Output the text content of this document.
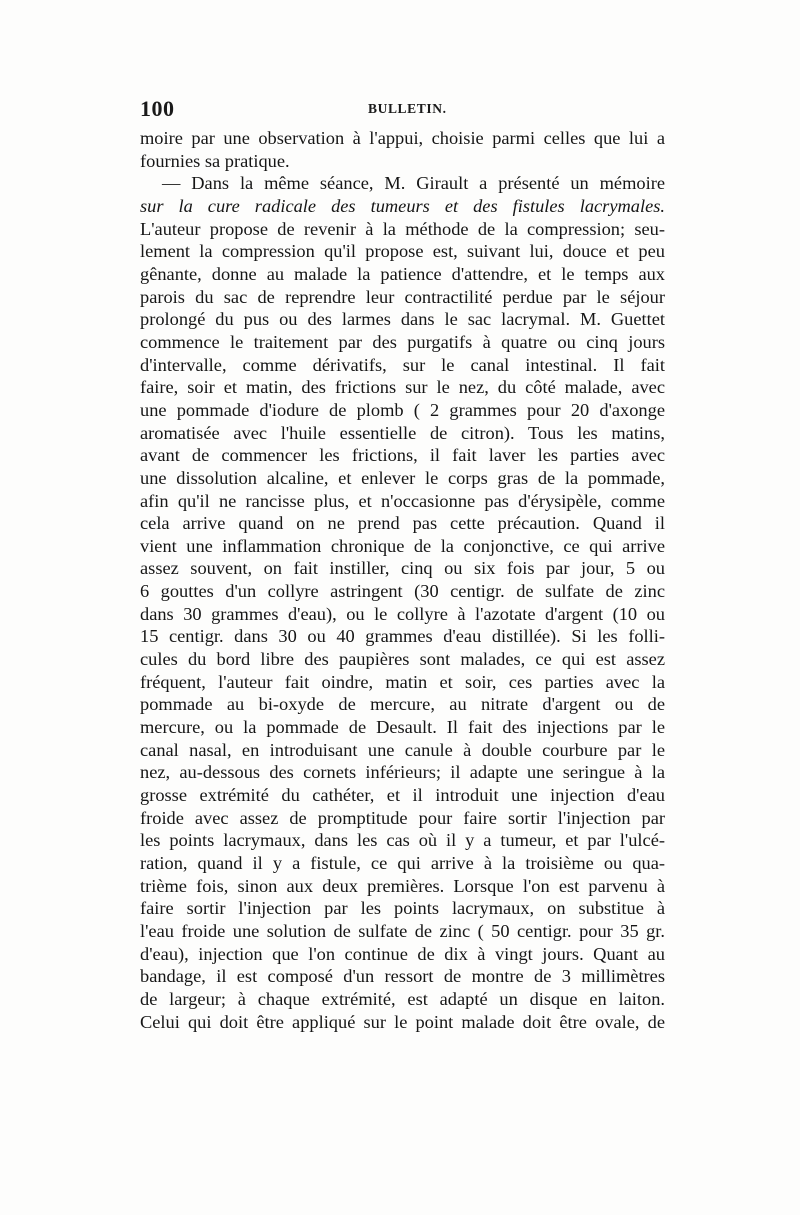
100	BULLETIN.
moire par une observation à l'appui, choisie parmi celles que lui a
fournies sa pratique.
— Dans la même séance, M. Girault a présenté un mémoire
sur la cure radicale des tumeurs et des fistules lacrymales.
L'auteur propose de revenir à la méthode de la compression; seu-
lement la compression qu'il propose est, suivant lui, douce et peu
gênante, donne au malade la patience d'attendre, et le temps aux
parois du sac de reprendre leur contractilité perdue par le séjour
prolongé du pus ou des larmes dans le sac lacrymal. M. Guettet
commence le traitement par des purgatifs à quatre ou cinq jours
d'intervalle, comme dérivatifs, sur le canal intestinal. Il fait
faire, soir et matin, des frictions sur le nez, du côté malade, avec
une pommade d'iodure de plomb ( 2 grammes pour 20 d'axonge
aromatisée avec l'huile essentielle de citron). Tous les matins,
avant de commencer les frictions, il fait laver les parties avec
une dissolution alcaline, et enlever le corps gras de la pommade,
afin qu'il ne rancisse plus, et n'occasionne pas d'érysipèle, comme
cela arrive quand on ne prend pas cette précaution. Quand il
vient une inflammation chronique de la conjonctive, ce qui arrive
assez souvent, on fait instiller, cinq ou six fois par jour, 5 ou
6 gouttes d'un collyre astringent (30 centigr. de sulfate de zinc
dans 30 grammes d'eau), ou le collyre à l'azotate d'argent (10 ou
15 centigr. dans 30 ou 40 grammes d'eau distillée). Si les folli-
cules du bord libre des paupières sont malades, ce qui est assez
fréquent, l'auteur fait oindre, matin et soir, ces parties avec la
pommade au bi-oxyde de mercure, au nitrate d'argent ou de
mercure, ou la pommade de Desault. Il fait des injections par le
canal nasal, en introduisant une canule à double courbure par le
nez, au-dessous des cornets inférieurs; il adapte une seringue à la
grosse extrémité du cathéter, et il introduit une injection d'eau
froide avec assez de promptitude pour faire sortir l'injection par
les points lacrymaux, dans les cas où il y a tumeur, et par l'ulcé-
ration, quand il y a fistule, ce qui arrive à la troisième ou qua-
trième fois, sinon aux deux premières. Lorsque l'on est parvenu à
faire sortir l'injection par les points lacrymaux, on substitue à
l'eau froide une solution de sulfate de zinc ( 50 centigr. pour 35 gr.
d'eau), injection que l'on continue de dix à vingt jours. Quant au
bandage, il est composé d'un ressort de montre de 3 millimètres
de largeur; à chaque extrémité, est adapté un disque en laiton.
Celui qui doit être appliqué sur le point malade doit être ovale, de
